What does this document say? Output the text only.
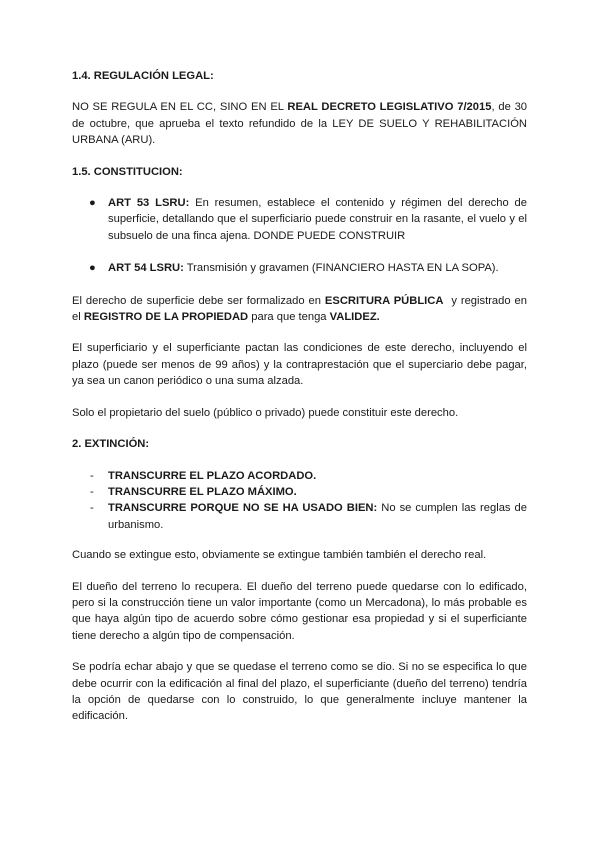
1.4. REGULACIÓN LEGAL:

NO SE REGULA EN EL CC, SINO EN EL REAL DECRETO LEGISLATIVO 7/2015, de 30 de octubre, que aprueba el texto refundido de la LEY DE SUELO Y REHABILITACIÓN URBANA (ARU).

1.5. CONSTITUCION:
● ART 53 LSRU: En resumen, establece el contenido y régimen del derecho de superficie, detallando que el superficiario puede construir en la rasante, el vuelo y el subsuelo de una finca ajena. DONDE PUEDE CONSTRUIR
● ART 54 LSRU: Transmisión y gravamen (FINANCIERO HASTA EN LA SOPA).

El derecho de superficie debe ser formalizado en ESCRITURA PÚBLICA  y registrado en el REGISTRO DE LA PROPIEDAD para que tenga VALIDEZ.

El superficiario y el superficiante pactan las condiciones de este derecho, incluyendo el plazo (puede ser menos de 99 años) y la contraprestación que el superciario debe pagar, ya sea un canon periódico o una suma alzada.

Solo el propietario del suelo (público o privado) puede constituir este derecho.

2. EXTINCIÓN:
- TRANSCURRE EL PLAZO ACORDADO.
- TRANSCURRE EL PLAZO MÁXIMO.
- TRANSCURRE PORQUE NO SE HA USADO BIEN: No se cumplen las reglas de urbanismo.

Cuando se extingue esto, obviamente se extingue también también el derecho real.

El dueño del terreno lo recupera. El dueño del terreno puede quedarse con lo edificado, pero si la construcción tiene un valor importante (como un Mercadona), lo más probable es que haya algún tipo de acuerdo sobre cómo gestionar esa propiedad y si el superficiante tiene derecho a algún tipo de compensación.

Se podría echar abajo y que se quedase el terreno como se dio. Si no se especifica lo que debe ocurrir con la edificación al final del plazo, el superficiante (dueño del terreno) tendría la opción de quedarse con lo construido, lo que generalmente incluye mantener la edificación.
